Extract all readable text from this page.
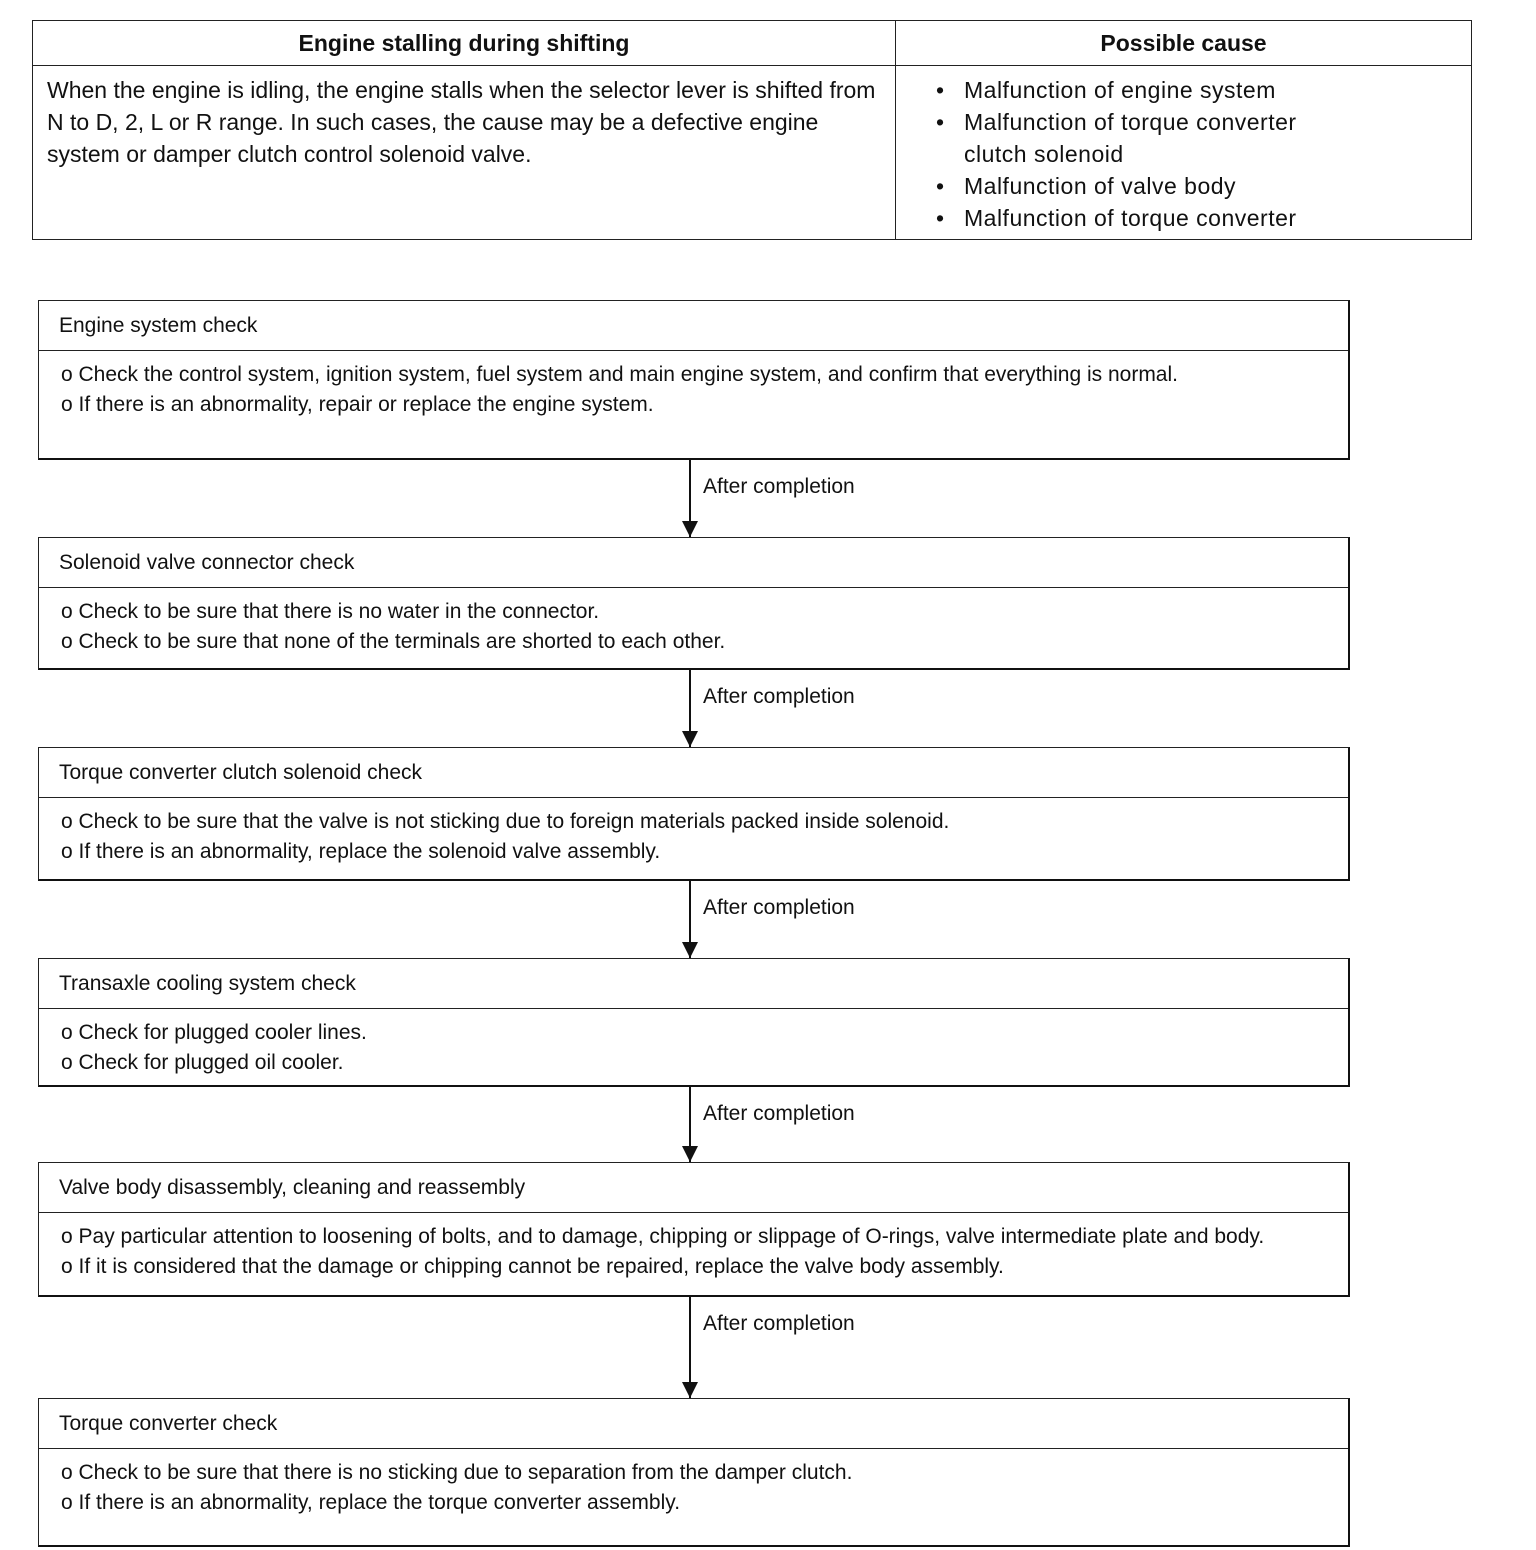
Engine stalling during shifting	Possible cause
When the engine is idling, the engine stalls when the selector lever is shifted from N to D, 2, L or R range. In such cases, the cause may be a defective engine system or damper clutch control solenoid valve.
• Malfunction of engine system
• Malfunction of torque converter clutch solenoid
• Malfunction of valve body
• Malfunction of torque converter
Engine system check
o Check the control system, ignition system, fuel system and main engine system, and confirm that everything is normal.
o If there is an abnormality, repair or replace the engine system.
After completion
Solenoid valve connector check
o Check to be sure that there is no water in the connector.
o Check to be sure that none of the terminals are shorted to each other.
After completion
Torque converter clutch solenoid check
o Check to be sure that the valve is not sticking due to foreign materials packed inside solenoid.
o If there is an abnormality, replace the solenoid valve assembly.
After completion
Transaxle cooling system check
o Check for plugged cooler lines.
o Check for plugged oil cooler.
After completion
Valve body disassembly, cleaning and reassembly
o Pay particular attention to loosening of bolts, and to damage, chipping or slippage of O-rings, valve intermediate plate and body.
o If it is considered that the damage or chipping cannot be repaired, replace the valve body assembly.
After completion
Torque converter check
o Check to be sure that there is no sticking due to separation from the damper clutch.
o If there is an abnormality, replace the torque converter assembly.
